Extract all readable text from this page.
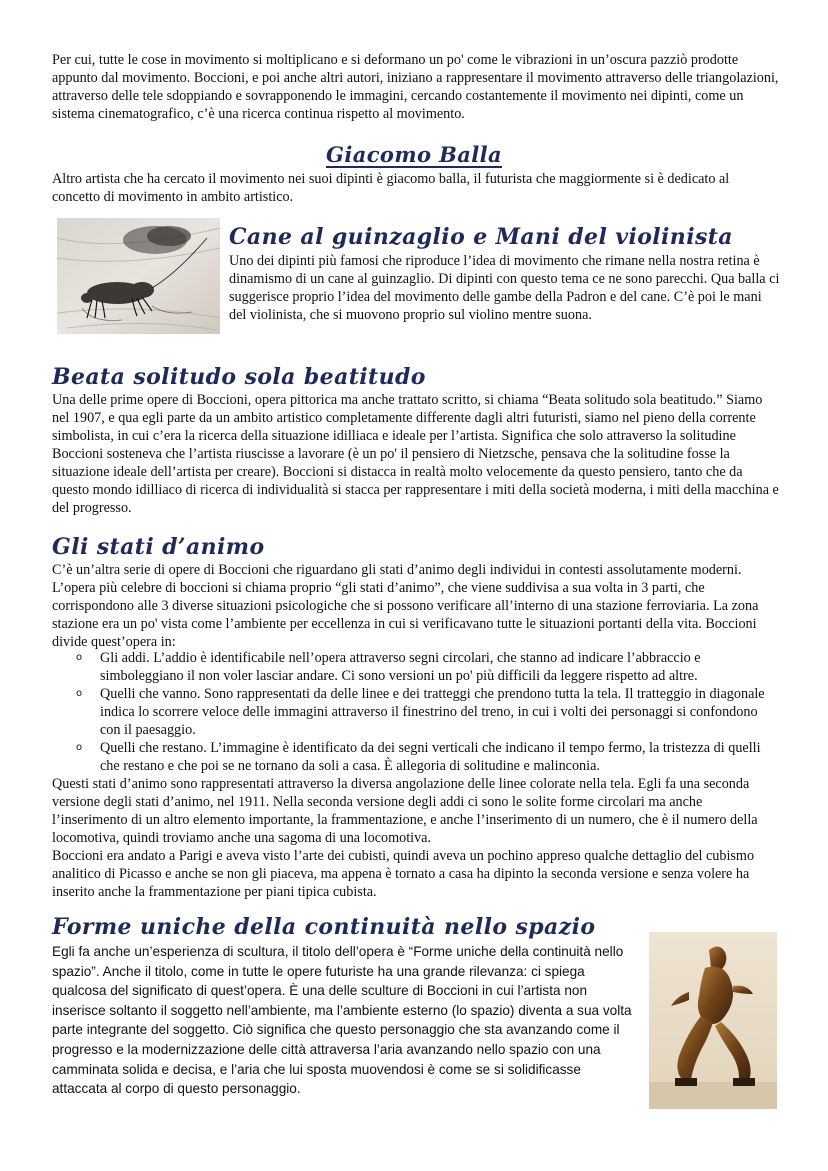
Per cui, tutte le cose in movimento si moltiplicano e si deformano un po' come le vibrazioni in un’oscura pazziò prodotte appunto dal movimento. Boccioni, e poi anche altri autori, iniziano a rappresentare il movimento attraverso delle triangolazioni, attraverso delle tele sdoppiando e sovrapponendo le immagini, cercando costantemente il movimento nei dipinti, come un sistema cinematografico, c’è una ricerca continua rispetto al movimento.

Giacomo Balla

Altro artista che ha cercato il movimento nei suoi dipinti è giacomo balla, il futurista che maggiormente si è dedicato al concetto di movimento in ambito artistico.

Cane al guinzaglio e Mani del violinista

Uno dei dipinti più famosi che riproduce l’idea di movimento che rimane nella nostra retina è dinamismo di un cane al guinzaglio. Di dipinti con questo tema ce ne sono parecchi. Qua balla ci suggerisce proprio l’idea del movimento delle gambe della Padron e del cane. C’è poi le mani del violinista, che si muovono proprio sul violino mentre suona.

Beata solitudo sola beatitudo

Una delle prime opere di Boccioni, opera pittorica ma anche trattato scritto, si chiama “Beata solitudo sola beatitudo.” Siamo nel 1907, e qua egli parte da un ambito artistico completamente differente dagli altri futuristi, siamo nel pieno della corrente simbolista, in cui c’era la ricerca della situazione idilliaca e ideale per l’artista. Significa che solo attraverso la solitudine Boccioni sosteneva che l’artista riuscisse a lavorare (è un po' il pensiero di Nietzsche, pensava che la solitudine fosse la situazione ideale dell’artista per creare). Boccioni si distacca in realtà molto velocemente da questo pensiero, tanto che da questo mondo idilliaco di ricerca di individualità si stacca per rappresentare i miti della società moderna, i miti della macchina e del progresso.

Gli stati d’animo

C’è un’altra serie di opere di Boccioni che riguardano gli stati d’animo degli individui in contesti assolutamente moderni. L’opera più celebre di boccioni si chiama proprio “gli stati d’animo”, che viene suddivisa a sua volta in 3 parti, che corrispondono alle 3 diverse situazioni psicologiche che si possono verificare all’interno di una stazione ferroviaria. La zona stazione era un po' vista come l’ambiente per eccellenza in cui si verificavano tutte le situazioni portanti della vita. Boccioni divide quest’opera in:

o Gli addi. L’addio è identificabile nell’opera attraverso segni circolari, che stanno ad indicare l’abbraccio e simboleggiano il non voler lasciar andare. Ci sono versioni un po' più difficili da leggere rispetto ad altre.
o Quelli che vanno. Sono rappresentati da delle linee e dei tratteggi che prendono tutta la tela. Il tratteggio in diagonale indica lo scorrere veloce delle immagini attraverso il finestrino del treno, in cui i volti dei personaggi si confondono con il paesaggio.
o Quelli che restano. L’immagine è identificato da dei segni verticali che indicano il tempo fermo, la tristezza di quelli che restano e che poi se ne tornano da soli a casa. È allegoria di solitudine e malinconia.

Questi stati d’animo sono rappresentati attraverso la diversa angolazione delle linee colorate nella tela. Egli fa una seconda versione degli stati d’animo, nel 1911. Nella seconda versione degli addi ci sono le solite forme circolari ma anche l’inserimento di un altro elemento importante, la frammentazione, e anche l’inserimento di un numero, che è il numero della locomotiva, quindi troviamo anche una sagoma di una locomotiva.

Boccioni era andato a Parigi e aveva visto l’arte dei cubisti, quindi aveva un pochino appreso qualche dettaglio del cubismo analitico di Picasso e anche se non gli piaceva, ma appena è tornato a casa ha dipinto la seconda versione e senza volere ha inserito anche la frammentazione per piani tipica cubista.

Forme uniche della continuità nello spazio

Egli fa anche un’esperienza di scultura, il titolo dell’opera è “Forme uniche della continuità nello spazio”. Anche il titolo, come in tutte le opere futuriste ha una grande rilevanza: ci spiega qualcosa del significato di quest’opera. È una delle sculture di Boccioni in cui l’artista non inserisce soltanto il soggetto nell’ambiente, ma l’ambiente esterno (lo spazio) diventa a sua volta parte integrante del soggetto. Ciò significa che questo personaggio che sta avanzando come il progresso e la modernizzazione delle città attraversa l’aria avanzando nello spazio con una camminata solida e decisa, e l’aria che lui sposta muovendosi è come se si solidificasse attaccata al corpo di questo personaggio.
